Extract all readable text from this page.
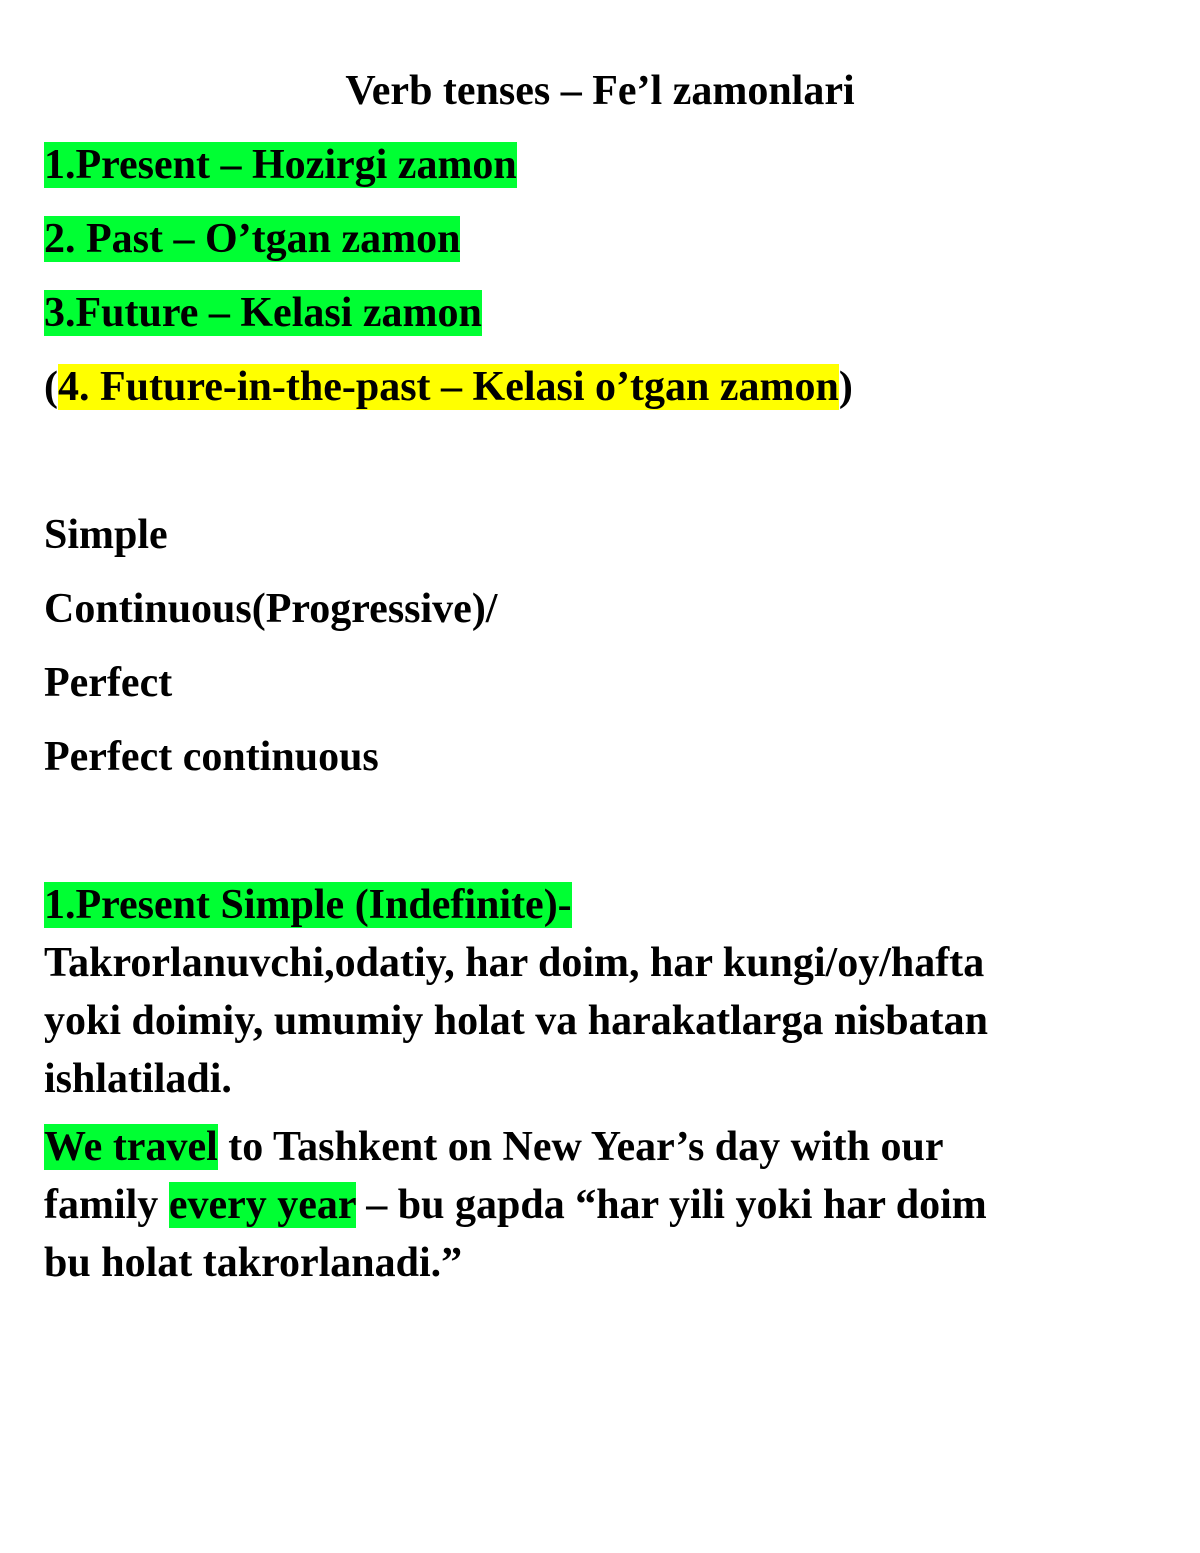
Verb tenses – Fe’l zamonlari
1.Present – Hozirgi zamon
2. Past – O’tgan zamon
3.Future – Kelasi zamon
(4. Future-in-the-past – Kelasi o’tgan zamon)
Simple
Continuous(Progressive)/
Perfect
Perfect continuous
1.Present Simple (Indefinite)-
Takrorlanuvchi,odatiy, har doim, har kungi/oy/hafta
yoki doimiy, umumiy holat va harakatlarga nisbatan
ishlatiladi.
We travel to Tashkent on New Year’s day with our
family every year – bu gapda “har yili yoki har doim
bu holat takrorlanadi.”
